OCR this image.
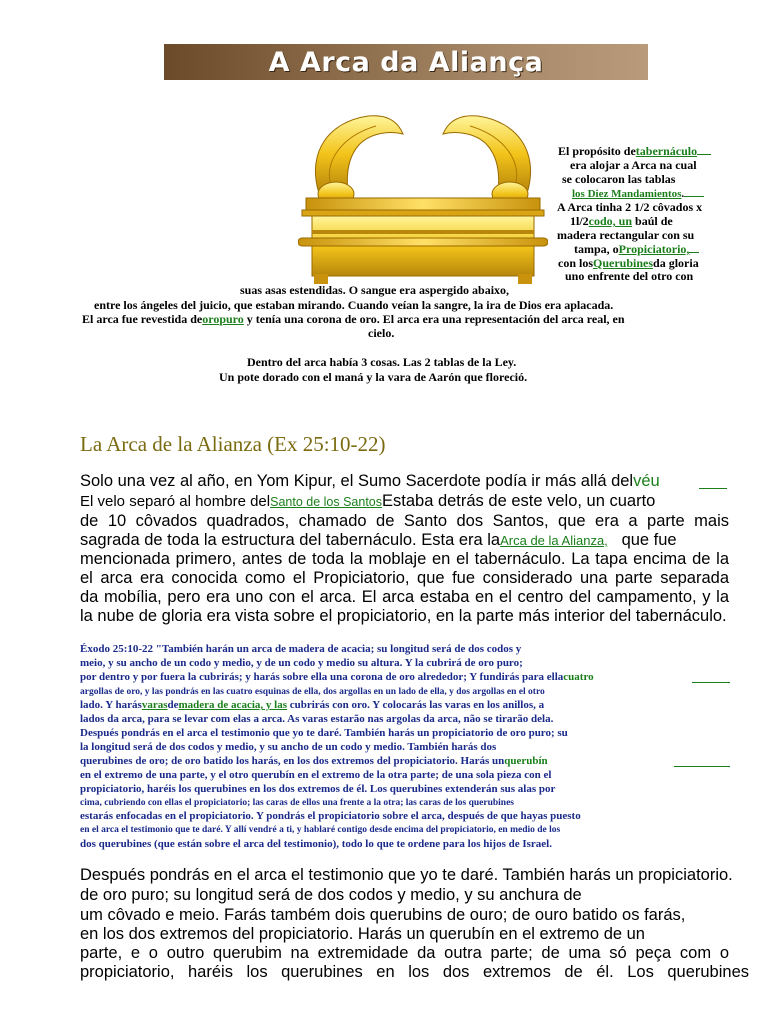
A Arca da Aliança
El propósito detabernáculo
era alojar a Arca na cual
se colocaron las tablas
los Diez Mandamientos.
A Arca tinha 2 1/2 côvados x
1l/2codo, un baúl de
madera rectangular con su
tampa, oPropiciatorio,
con losQuerubinesda gloria
uno enfrente del otro con
suas asas estendidas. O sangue era aspergido abaixo,
entre los ángeles del juicio, que estaban mirando. Cuando veían la sangre, la ira de Dios era aplacada.
El arca fue revestida deoropuro y tenía una corona de oro. El arca era una representación del arca real, en
cielo.
Dentro del arca había 3 cosas. Las 2 tablas de la Ley.
Un pote dorado con el maná y la vara de Aarón que floreció.
La Arca de la Alianza (Ex 25:10-22)
Solo una vez al año, en Yom Kipur, el Sumo Sacerdote podía ir más allá delvéu
El velo separó al hombre delSanto de los SantosEstaba detrás de este velo, un cuarto
de 10 côvados quadrados, chamado de Santo dos Santos, que era a parte mais
sagrada de toda la estructura del tabernáculo. Esta era laArca de la Alianza, que fue
mencionada primero, antes de toda la moblaje en el tabernáculo. La tapa encima de la
el arca era conocida como el Propiciatorio, que fue considerado una parte separada
da mobília, pero era uno con el arca. El arca estaba en el centro del campamento, y la
la nube de gloria era vista sobre el propiciatorio, en la parte más interior del tabernáculo.
Éxodo 25:10-22 "También harán un arca de madera de acacia; su longitud será de dos codos y
meio, y su ancho de un codo y medio, y de un codo y medio su altura. Y la cubrirá de oro puro;
por dentro y por fuera la cubrirás; y harás sobre ella una corona de oro alrededor; Y fundirás para ellacuatro
argollas de oro, y las pondrás en las cuatro esquinas de ella, dos argollas en un lado de ella, y dos argollas en el otro
lado. Y harásvarasdemadera de acacia, y las cubrirás con oro. Y colocarás las varas en los anillos, a
lados da arca, para se levar com elas a arca. As varas estarão nas argolas da arca, não se tirarão dela.
Después pondrás en el arca el testimonio que yo te daré. También harás un propiciatorio de oro puro; su
la longitud será de dos codos y medio, y su ancho de un codo y medio. También harás dos
querubines de oro; de oro batido los harás, en los dos extremos del propiciatorio. Harás unquerubín
en el extremo de una parte, y el otro querubín en el extremo de la otra parte; de una sola pieza con el
propiciatorio, haréis los querubines en los dos extremos de él. Los querubines extenderán sus alas por
cima, cubriendo con ellas el propiciatorio; las caras de ellos una frente a la otra; las caras de los querubines
estarás enfocadas en el propiciatorio. Y pondrás el propiciatorio sobre el arca, después de que hayas puesto
en el arca el testimonio que te daré. Y allí vendré a ti, y hablaré contigo desde encima del propiciatorio, en medio de los
dos querubines (que están sobre el arca del testimonio), todo lo que te ordene para los hijos de Israel.
Después pondrás en el arca el testimonio que yo te daré. También harás un propiciatorio.
de oro puro; su longitud será de dos codos y medio, y su anchura de
um côvado e meio. Farás também dois querubins de ouro; de ouro batido os farás,
en los dos extremos del propiciatorio. Harás un querubín en el extremo de un
parte, e o outro querubim na extremidade da outra parte; de uma só peça com o
propiciatorio, haréis los querubines en los dos extremos de él. Los querubines
